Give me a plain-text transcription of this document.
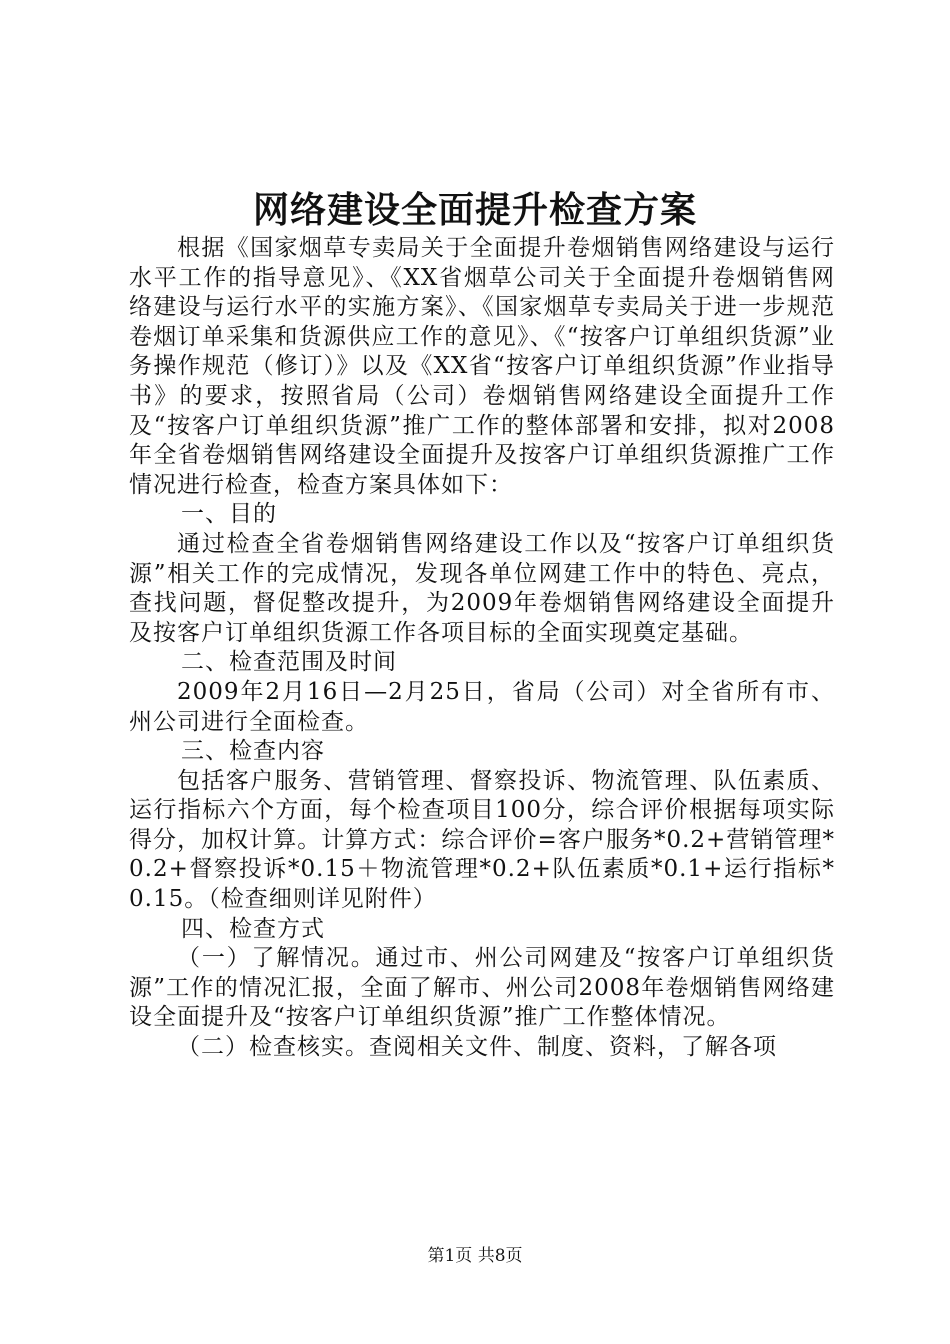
网络建设全面提升检查方案

根据《国家烟草专卖局关于全面提升卷烟销售网络建设与运行水平工作的指导意见》、《XX省烟草公司关于全面提升卷烟销售网络建设与运行水平的实施方案》、《国家烟草专卖局关于进一步规范卷烟订单采集和货源供应工作的意见》、《“按客户订单组织货源”业务操作规范（修订）》以及《XX省“按客户订单组织货源”作业指导书》的要求，按照省局（公司）卷烟销售网络建设全面提升工作及“按客户订单组织货源”推广工作的整体部署和安排，拟对2008年全省卷烟销售网络建设全面提升及按客户订单组织货源推广工作情况进行检查，检查方案具体如下：

一、目的

通过检查全省卷烟销售网络建设工作以及“按客户订单组织货源”相关工作的完成情况，发现各单位网建工作中的特色、亮点，查找问题，督促整改提升，为2009年卷烟销售网络建设全面提升及按客户订单组织货源工作各项目标的全面实现奠定基础。

二、检查范围及时间

2009年2月16日—2月25日，省局（公司）对全省所有市、州公司进行全面检查。

三、检查内容

包括客户服务、营销管理、督察投诉、物流管理、队伍素质、运行指标六个方面，每个检查项目100分，综合评价根据每项实际得分，加权计算。计算方式：综合评价=客户服务*0.2+营销管理*0.2+督察投诉*0.15＋物流管理*0.2+队伍素质*0.1+运行指标*0.15。（检查细则详见附件）

四、检查方式

（一）了解情况。通过市、州公司网建及“按客户订单组织货源”工作的情况汇报，全面了解市、州公司2008年卷烟销售网络建设全面提升及“按客户订单组织货源”推广工作整体情况。

（二）检查核实。查阅相关文件、制度、资料，了解各项

第1页 共8页
